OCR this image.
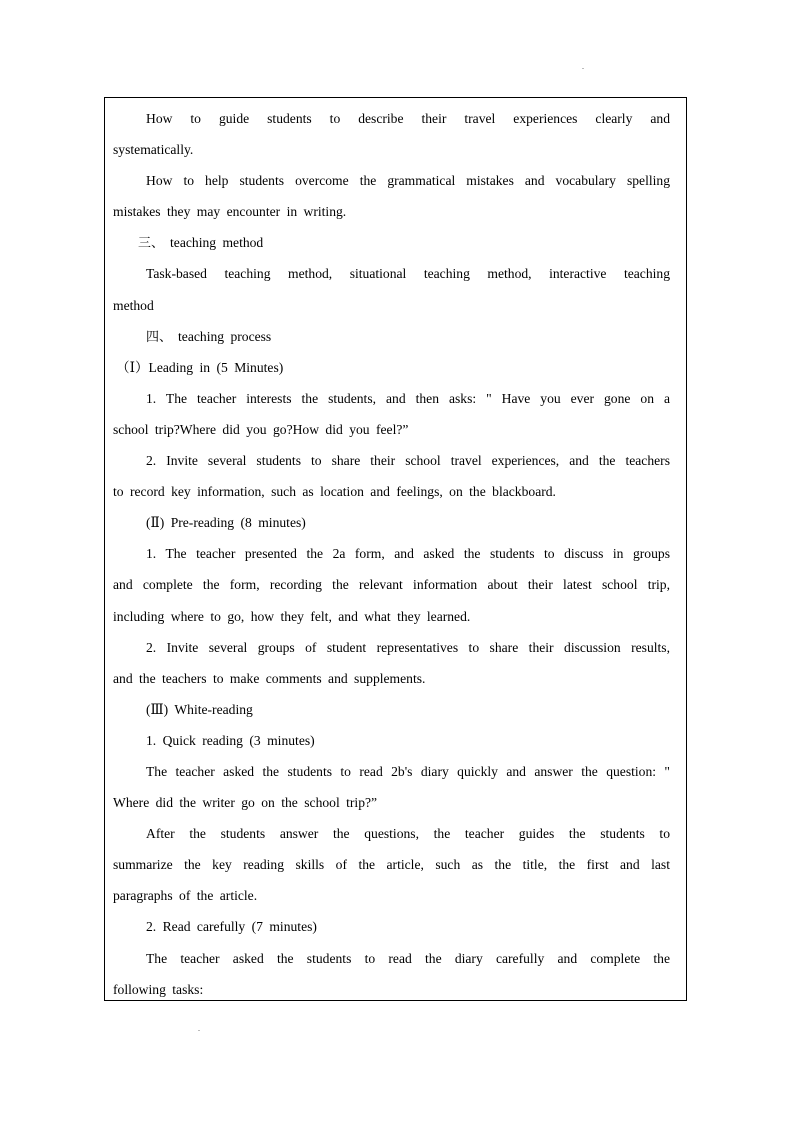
How to guide students to describe their travel experiences clearly and
systematically.
How to help students overcome the grammatical mistakes and vocabulary spelling
mistakes they may encounter in writing.
三、 teaching method
Task-based teaching method, situational teaching method, interactive teaching
method
四、 teaching process
（Ⅰ）Leading in (5 Minutes)
1. The teacher interests the students, and then asks: " Have you ever gone on a
school trip?Where did you go?How did you feel?”
2. Invite several students to share their school travel experiences, and the teachers
to record key information, such as location and feelings, on the blackboard.
(Ⅱ) Pre-reading (8 minutes)
1. The teacher presented the 2a form, and asked the students to discuss in groups
and complete the form, recording the relevant information about their latest school trip,
including where to go, how they felt, and what they learned.
2. Invite several groups of student representatives to share their discussion results,
and the teachers to make comments and supplements.
(Ⅲ) White-reading
1. Quick reading (3 minutes)
The teacher asked the students to read 2b's diary quickly and answer the question: "
Where did the writer go on the school trip?”
After the students answer the questions, the teacher guides the students to
summarize the key reading skills of the article, such as the title, the first and last
paragraphs of the article.
2. Read carefully (7 minutes)
The teacher asked the students to read the diary carefully and complete the
following tasks:
